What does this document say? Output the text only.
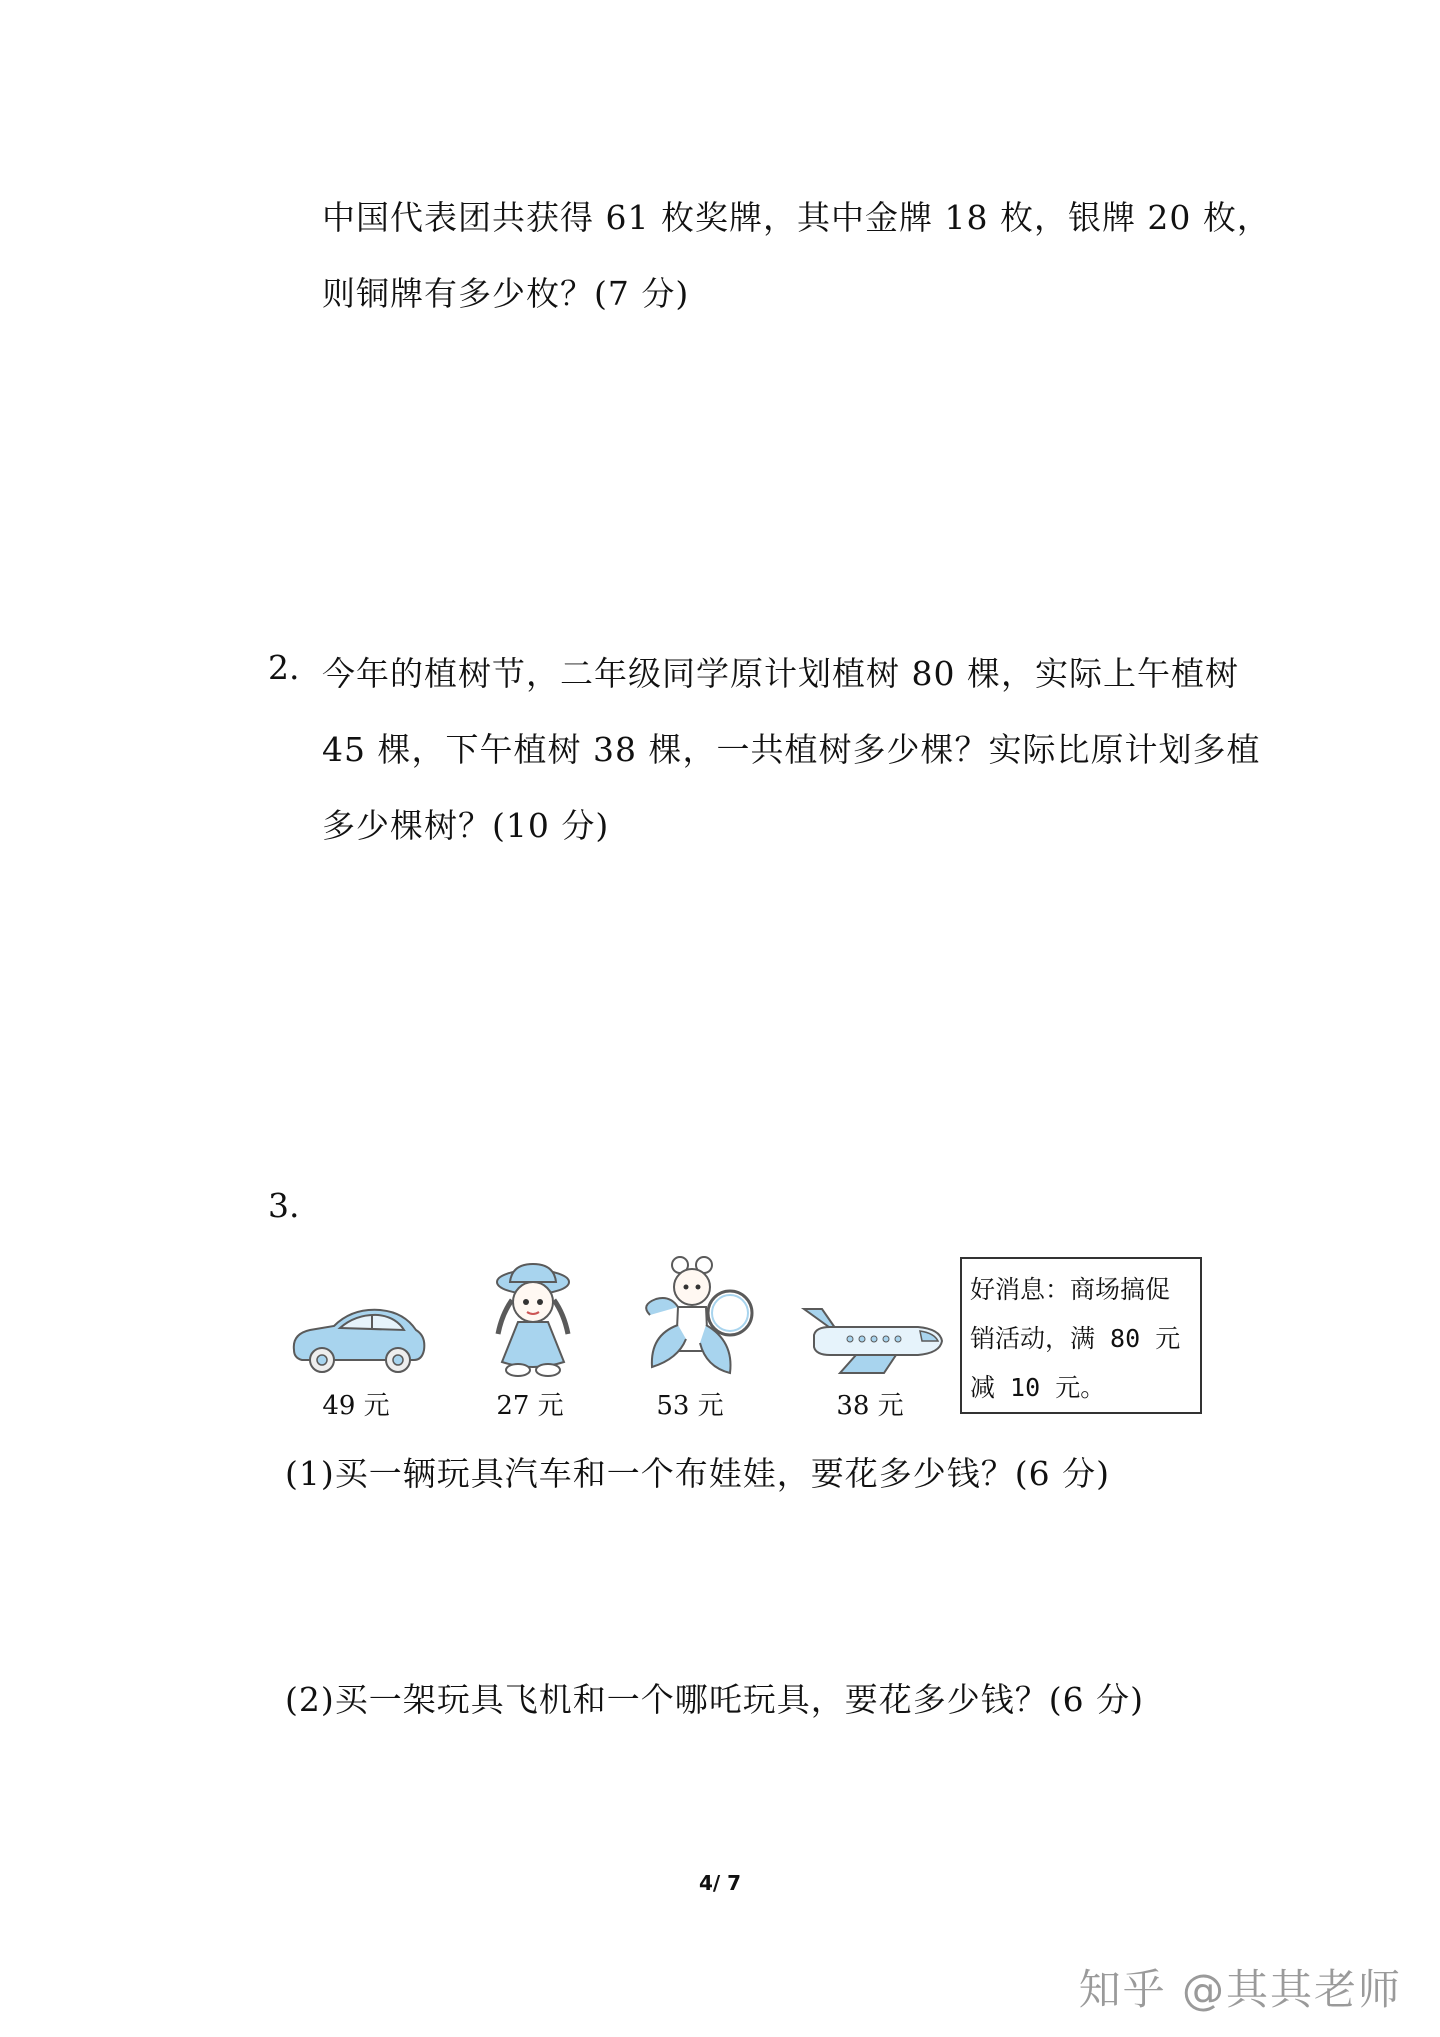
中国代表团共获得 61 枚奖牌，其中金牌 18 枚，银牌 20 枚，
则铜牌有多少枚？(7 分)
2. 今年的植树节，二年级同学原计划植树 80 棵，实际上午植树
45 棵，下午植树 38 棵，一共植树多少棵？实际比原计划多植
多少棵树？(10 分)
3.
49 元	27 元	53 元	38 元
好消息：商场搞促
销活动，满 80 元
减 10 元。
(1)买一辆玩具汽车和一个布娃娃，要花多少钱？(6 分)
(2)买一架玩具飞机和一个哪吒玩具，要花多少钱？(6 分)
4/ 7
知乎 @其其老师
